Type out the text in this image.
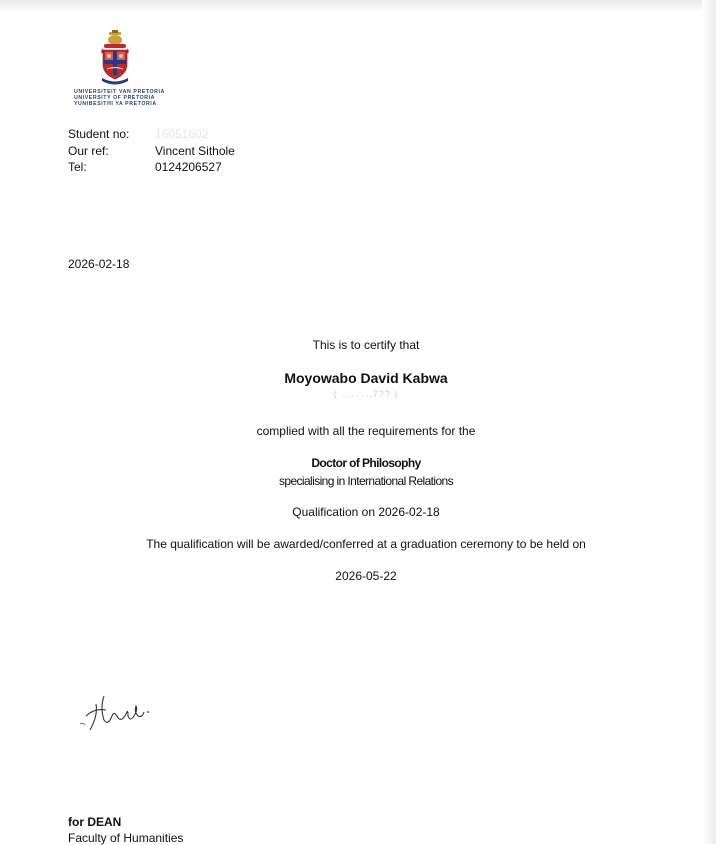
UNIVERSITEIT VAN PRETORIA
UNIVERSITY OF PRETORIA
YUNIBESITHI YA PRETORIA
Student no:	16051602
Our ref:	Vincent Sithole
Tel:	0124206527
2026-02-18
This is to certify that
Moyowabo David Kabwa
( ..... ...7?? )
complied with all the requirements for the
Doctor of Philosophy
specialising in International Relations
Qualification on 2026-02-18
The qualification will be awarded/conferred at a graduation ceremony to be held on
2026-05-22
for DEAN
Faculty of Humanities
